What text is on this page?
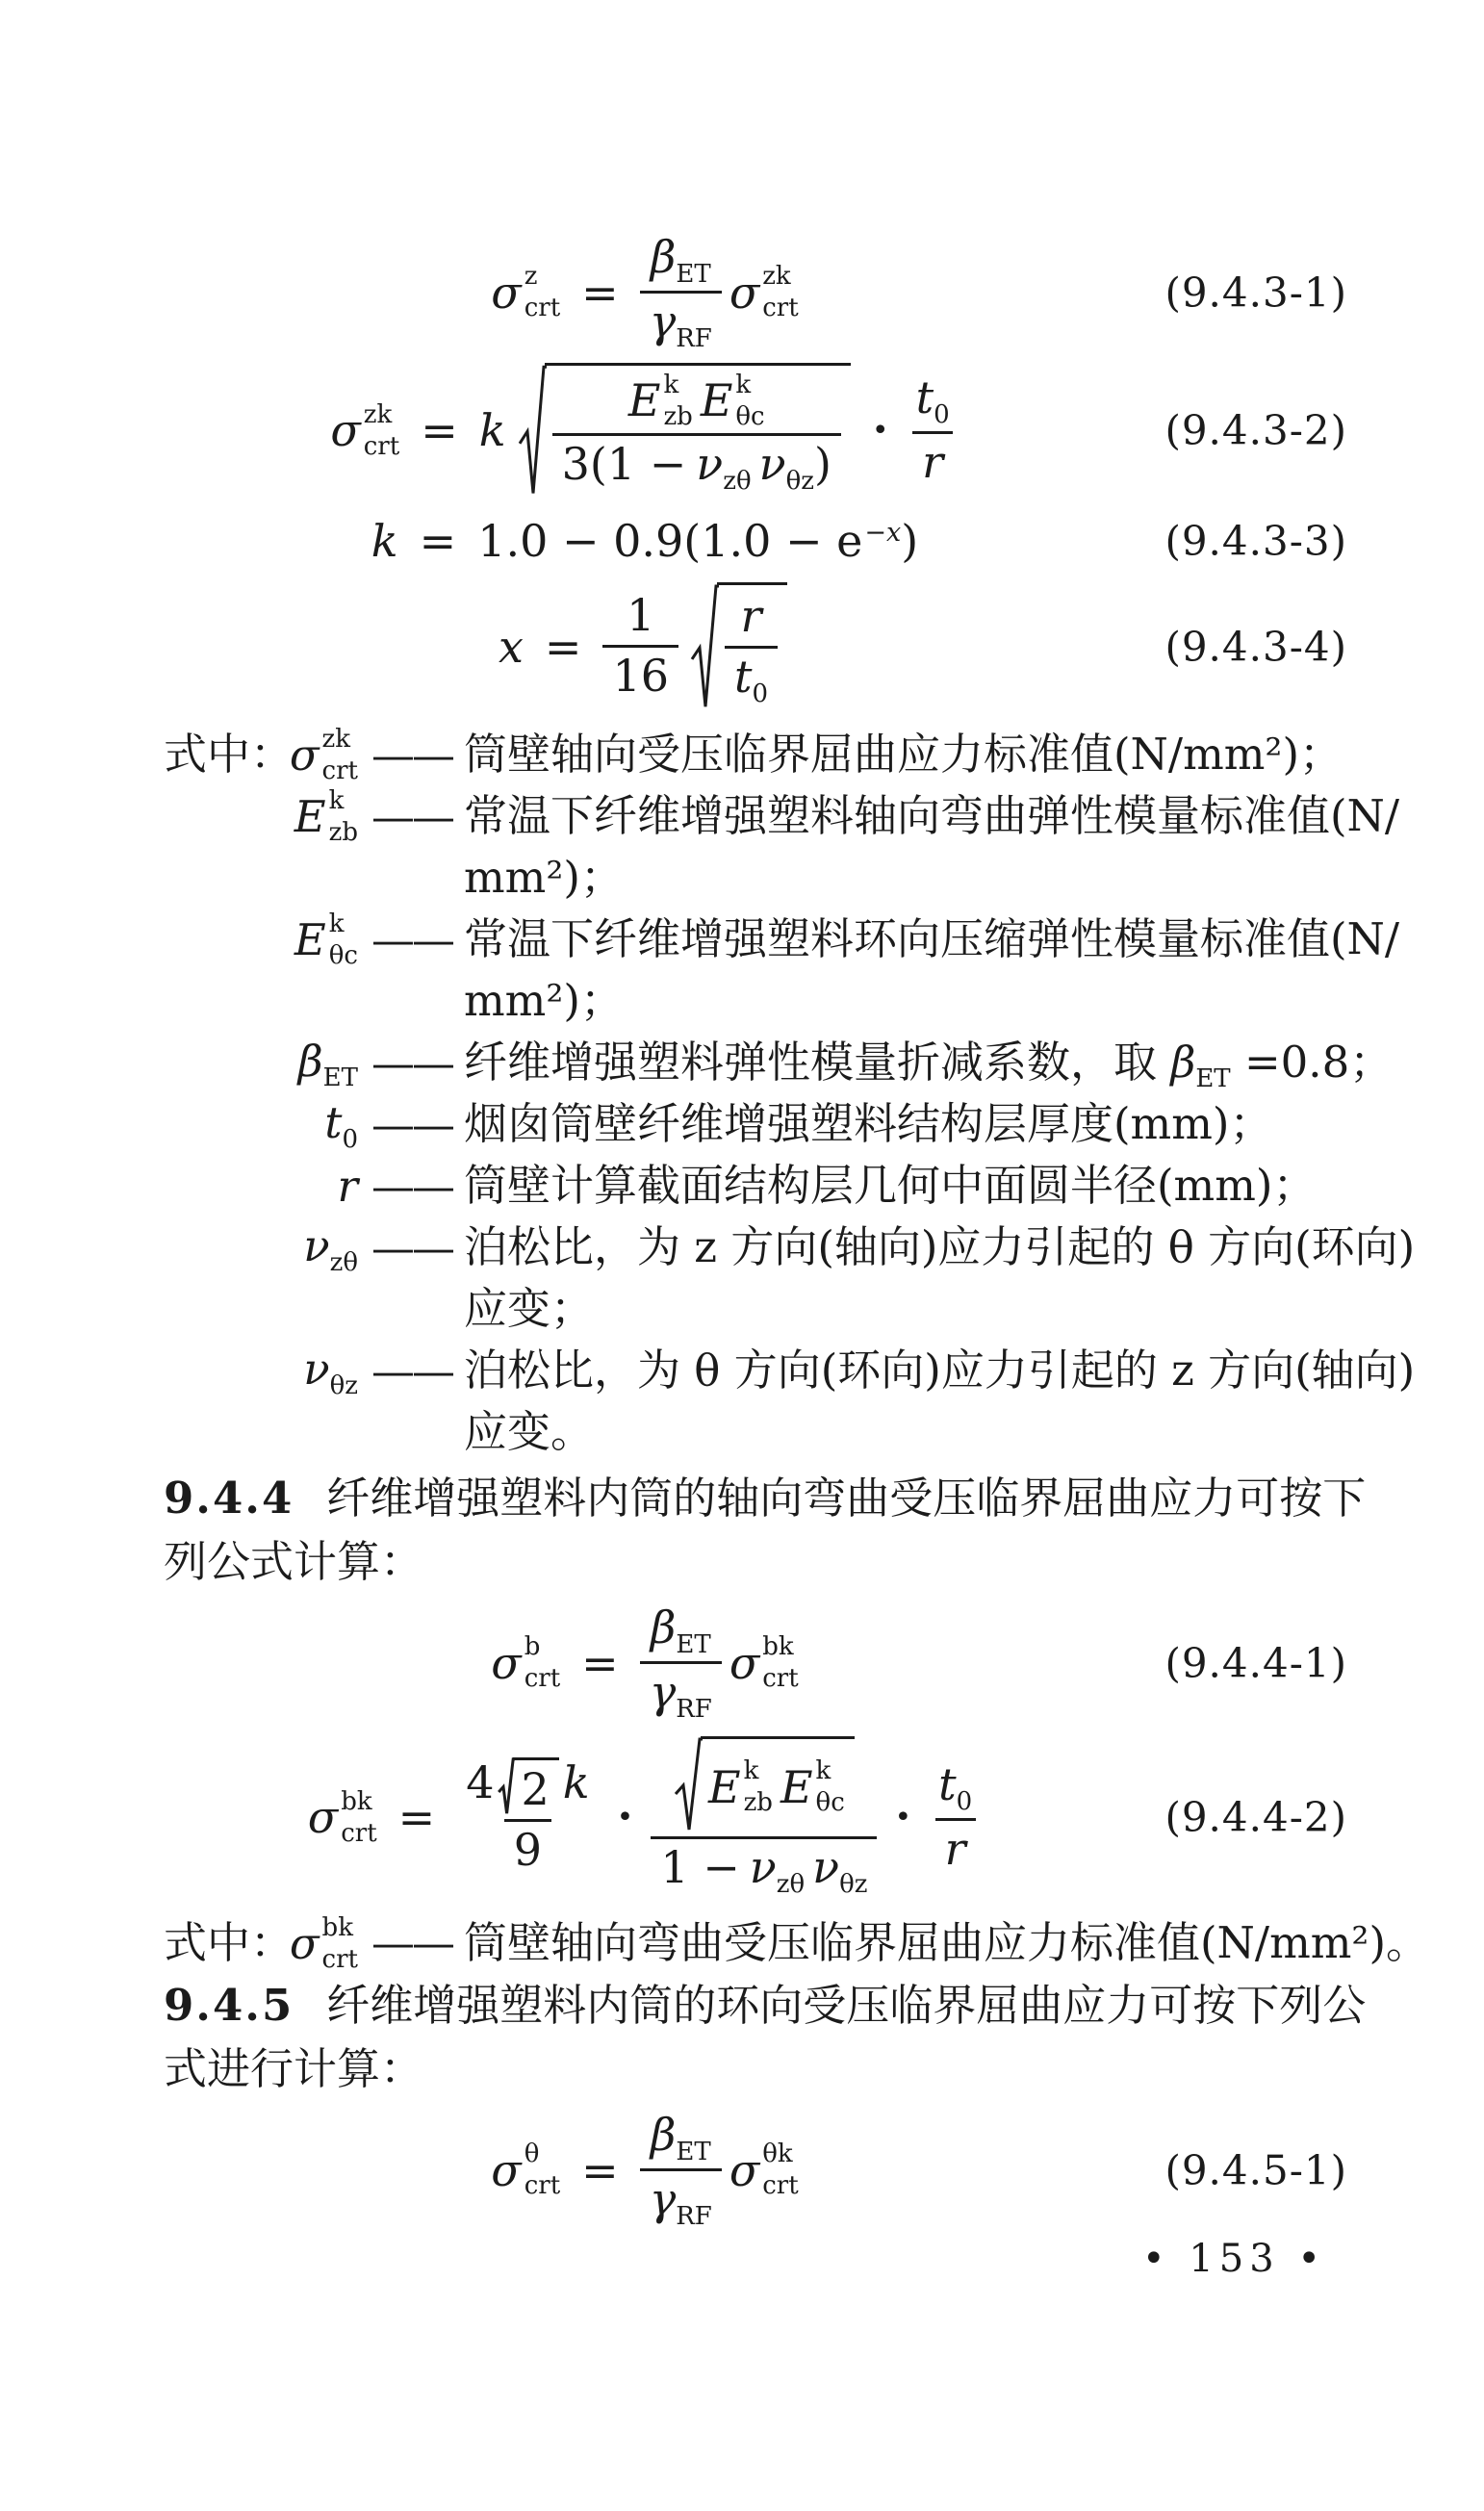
σ z
crt = $\frac{\beta_{ET}}{\gamma_{RF}}$ σ zk
crt	(9.4.3-1)
σ zk
crt = k E k
zb E k
θc
$3(1 - \nu_{z\theta}$ $\nu_{\theta z}$) • $\frac{t_0}{r}$	(9.4.3-2)
$k = 1.0 - 0.9(1.0 - e^{-x})$	(9.4.3-3)
$x = \frac{1}{16} \frac{r}{t_0}$	(9.4.3-4)
式中：
σ zk
crt —— 筒壁轴向受压临界屈曲应力标准值(N/mm²)；
E k
zb —— 常温下纤维增强塑料轴向弯曲弹性模量标准值(N/
mm²)；
E k
θc —— 常温下纤维增强塑料环向压缩弹性模量标准值(N/
mm²)；
$\beta_{ET}$ —— 纤维增强塑料弹性模量折减系数，取 $\beta_{ET} =0.8$；
$t_0$ —— 烟囱筒壁纤维增强塑料结构层厚度(mm)；
r —— 筒壁计算截面结构层几何中面圆半径(mm)；
$\nu_{z\theta}$ —— 泊松比，为 z 方向(轴向)应力引起的 θ 方向(环向)
应变；
$\nu_{\theta z}$ —— 泊松比，为 θ 方向(环向)应力引起的 z 方向(轴向)
应变。

9.4.4 纤维增强塑料内筒的轴向弯曲受压临界屈曲应力可按下
列公式计算：

σ b
crt = $\frac{\beta_{ET}}{\gamma_{RF}}$ σ bk
crt	(9.4.4-1)
σ bk
crt = $\frac{4 2 k}{9}$ • E k
zb E k
θc
$1 - \nu_{z\theta}$ $\nu_{\theta z}$ • $\frac{t_0}{r}$	(9.4.4-2)
式中：
σ bk
crt —— 筒壁轴向弯曲受压临界屈曲应力标准值(N/mm²)。

9.4.5 纤维增强塑料内筒的环向受压临界屈曲应力可按下列公
式进行计算：

σ θ
crt = $\frac{\beta_{ET}}{\gamma_{RF}}$ σ θk
crt	(9.4.5-1)
• 153 •
